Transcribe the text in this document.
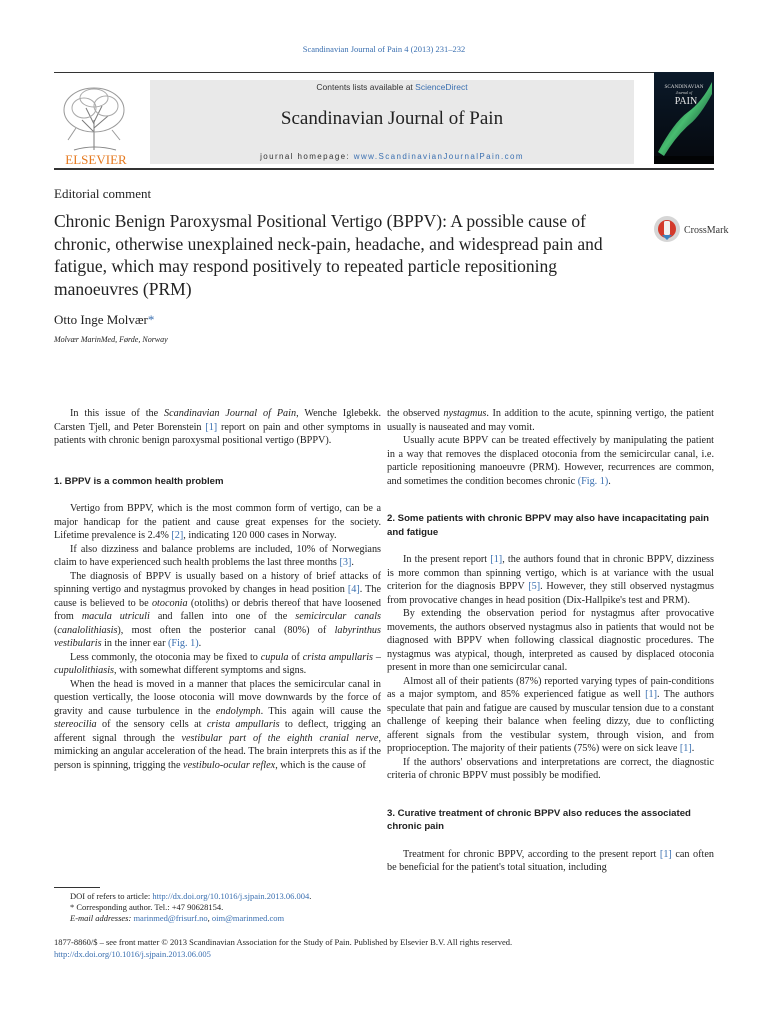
Scandinavian Journal of Pain 4 (2013) 231–232
ELSEVIER
Contents lists available at ScienceDirect
Scandinavian Journal of Pain
journal homepage: www.ScandinavianJournalPain.com
SCANDINAVIAN
Journal of
PAIN
Editorial comment
Chronic Benign Paroxysmal Positional Vertigo (BPPV): A possible cause of chronic, otherwise unexplained neck-pain, headache, and widespread pain and fatigue, which may respond positively to repeated particle repositioning manoeuvres (PRM)
CrossMark
Otto Inge Molvær*
Molvær MarinMed, Førde, Norway

In this issue of the Scandinavian Journal of Pain, Wenche Iglebekk. Carsten Tjell, and Peter Borenstein [1] report on pain and other symptoms in patients with chronic benign paroxysmal positional vertigo (BPPV).

1. BPPV is a common health problem

Vertigo from BPPV, which is the most common form of vertigo, can be a major handicap for the patient and cause great expenses for the society. Lifetime prevalence is 2.4% [2], indicating 120 000 cases in Norway.

If also dizziness and balance problems are included, 10% of Norwegians claim to have experienced such health problems the last three months [3].

The diagnosis of BPPV is usually based on a history of brief attacks of spinning vertigo and nystagmus provoked by changes in head position [4]. The cause is believed to be otoconia (otoliths) or debris thereof that have loosened from macula utriculi and fallen into one of the semicircular canals (canalolithiasis), most often the posterior canal (80%) of labyrinthus vestibularis in the inner ear (Fig. 1).

Less commonly, the otoconia may be fixed to cupula of crista ampullaris – cupulolithiasis, with somewhat different symptoms and signs.

When the head is moved in a manner that places the semicircular canal in question vertically, the loose otoconia will move downwards by the force of gravity and cause turbulence in the endolymph. This again will cause the stereocilia of the sensory cells at crista ampullaris to deflect, trigging an afferent signal through the vestibular part of the eighth cranial nerve, mimicking an angular acceleration of the head. The brain interprets this as if the person is spinning, trigging the vestibulo-ocular reflex, which is the cause of

the observed nystagmus. In addition to the acute, spinning vertigo, the patient usually is nauseated and may vomit.

Usually acute BPPV can be treated effectively by manipulating the patient in a way that removes the displaced otoconia from the semicircular canal, i.e. particle repositioning manoeuvre (PRM). However, recurrences are common, and sometimes the condition becomes chronic (Fig. 1).

2. Some patients with chronic BPPV may also have incapacitating pain and fatigue

In the present report [1], the authors found that in chronic BPPV, dizziness is more common than spinning vertigo, which is at variance with the usual criterion for the diagnosis BPPV [5]. However, they still observed nystagmus from provocative changes in head position (Dix-Hallpike's test and PRM).

By extending the observation period for nystagmus after provocative movements, the authors observed nystagmus also in patients that would not be diagnosed with BPPV when following classical diagnostic procedures. The nystagmus was atypical, though, interpreted as caused by displaced otoconia present in more than one semicircular canal.

Almost all of their patients (87%) reported varying types of pain-conditions as a major symptom, and 85% experienced fatigue as well [1]. The authors speculate that pain and fatigue are caused by muscular tension due to a constant challenge of keeping their balance when feeling dizzy, due to conflicting afferent signals from the vestibular system, through vision, and from proprioception. The majority of their patients (75%) were on sick leave [1].

If the authors' observations and interpretations are correct, the diagnostic criteria of chronic BPPV must possibly be modified.

3. Curative treatment of chronic BPPV also reduces the associated chronic pain

Treatment for chronic BPPV, according to the present report [1] can often be beneficial for the patient's total situation, including

DOI of refers to article: http://dx.doi.org/10.1016/j.sjpain.2013.06.004.
* Corresponding author. Tel.: +47 90628154.
E-mail addresses: marinmed@frisurf.no, oim@marinmed.com
1877-8860/$ – see front matter © 2013 Scandinavian Association for the Study of Pain. Published by Elsevier B.V. All rights reserved.
http://dx.doi.org/10.1016/j.sjpain.2013.06.005
